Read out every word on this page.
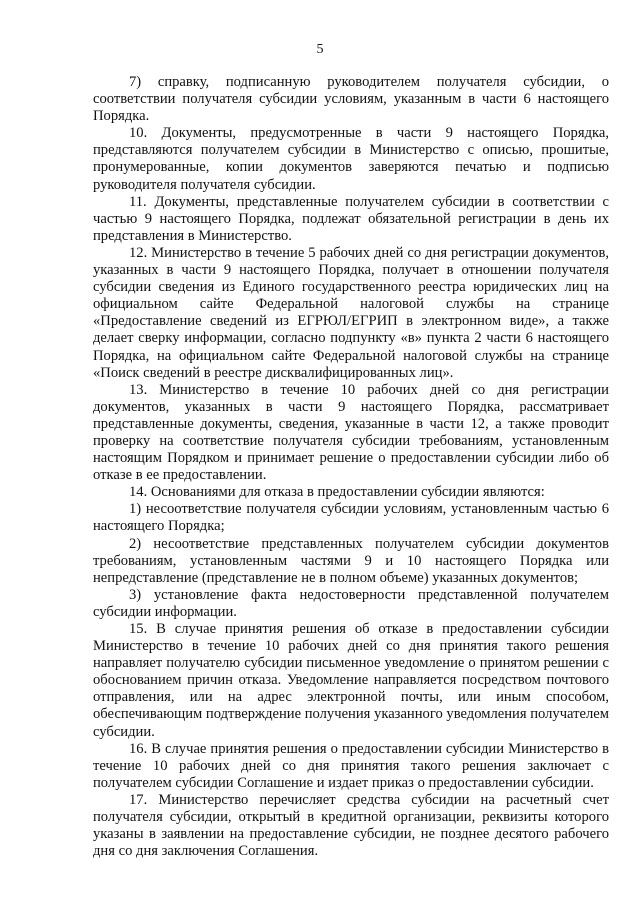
5

7) справку, подписанную руководителем получателя субсидии, о соответствии получателя субсидии условиям, указанным в части 6 настоящего Порядка.

10. Документы, предусмотренные в части 9 настоящего Порядка, представляются получателем субсидии в Министерство с описью, прошитые, пронумерованные, копии документов заверяются печатью и подписью руководителя получателя субсидии.

11. Документы, представленные получателем субсидии в соответствии с частью 9 настоящего Порядка, подлежат обязательной регистрации в день их представления в Министерство.

12. Министерство в течение 5 рабочих дней со дня регистрации документов, указанных в части 9 настоящего Порядка, получает в отношении получателя субсидии сведения из Единого государственного реестра юридических лиц на официальном сайте Федеральной налоговой службы на странице «Предоставление сведений из ЕГРЮЛ/ЕГРИП в электронном виде», а также делает сверку информации, согласно подпункту «в» пункта 2 части 6 настоящего Порядка, на официальном сайте Федеральной налоговой службы на странице «Поиск сведений в реестре дисквалифицированных лиц».

13. Министерство в течение 10 рабочих дней со дня регистрации документов, указанных в части 9 настоящего Порядка, рассматривает представленные документы, сведения, указанные в части 12, а также проводит проверку на соответствие получателя субсидии требованиям, установленным настоящим Порядком и принимает решение о предоставлении субсидии либо об отказе в ее предоставлении.

14. Основаниями для отказа в предоставлении субсидии являются:

1) несоответствие получателя субсидии условиям, установленным частью 6 настоящего Порядка;

2) несоответствие представленных получателем субсидии документов требованиям, установленным частями 9 и 10 настоящего Порядка или непредставление (представление не в полном объеме) указанных документов;

3) установление факта недостоверности представленной получателем субсидии информации.

15. В случае принятия решения об отказе в предоставлении субсидии Министерство в течение 10 рабочих дней со дня принятия такого решения направляет получателю субсидии письменное уведомление о принятом решении с обоснованием причин отказа. Уведомление направляется посредством почтового отправления, или на адрес электронной почты, или иным способом, обеспечивающим подтверждение получения указанного уведомления получателем субсидии.

16. В случае принятия решения о предоставлении субсидии Министерство в течение 10 рабочих дней со дня принятия такого решения заключает с получателем субсидии Соглашение и издает приказ о предоставлении субсидии.

17. Министерство перечисляет средства субсидии на расчетный счет получателя субсидии, открытый в кредитной организации, реквизиты которого указаны в заявлении на предоставление субсидии, не позднее десятого рабочего дня со дня заключения Соглашения.
